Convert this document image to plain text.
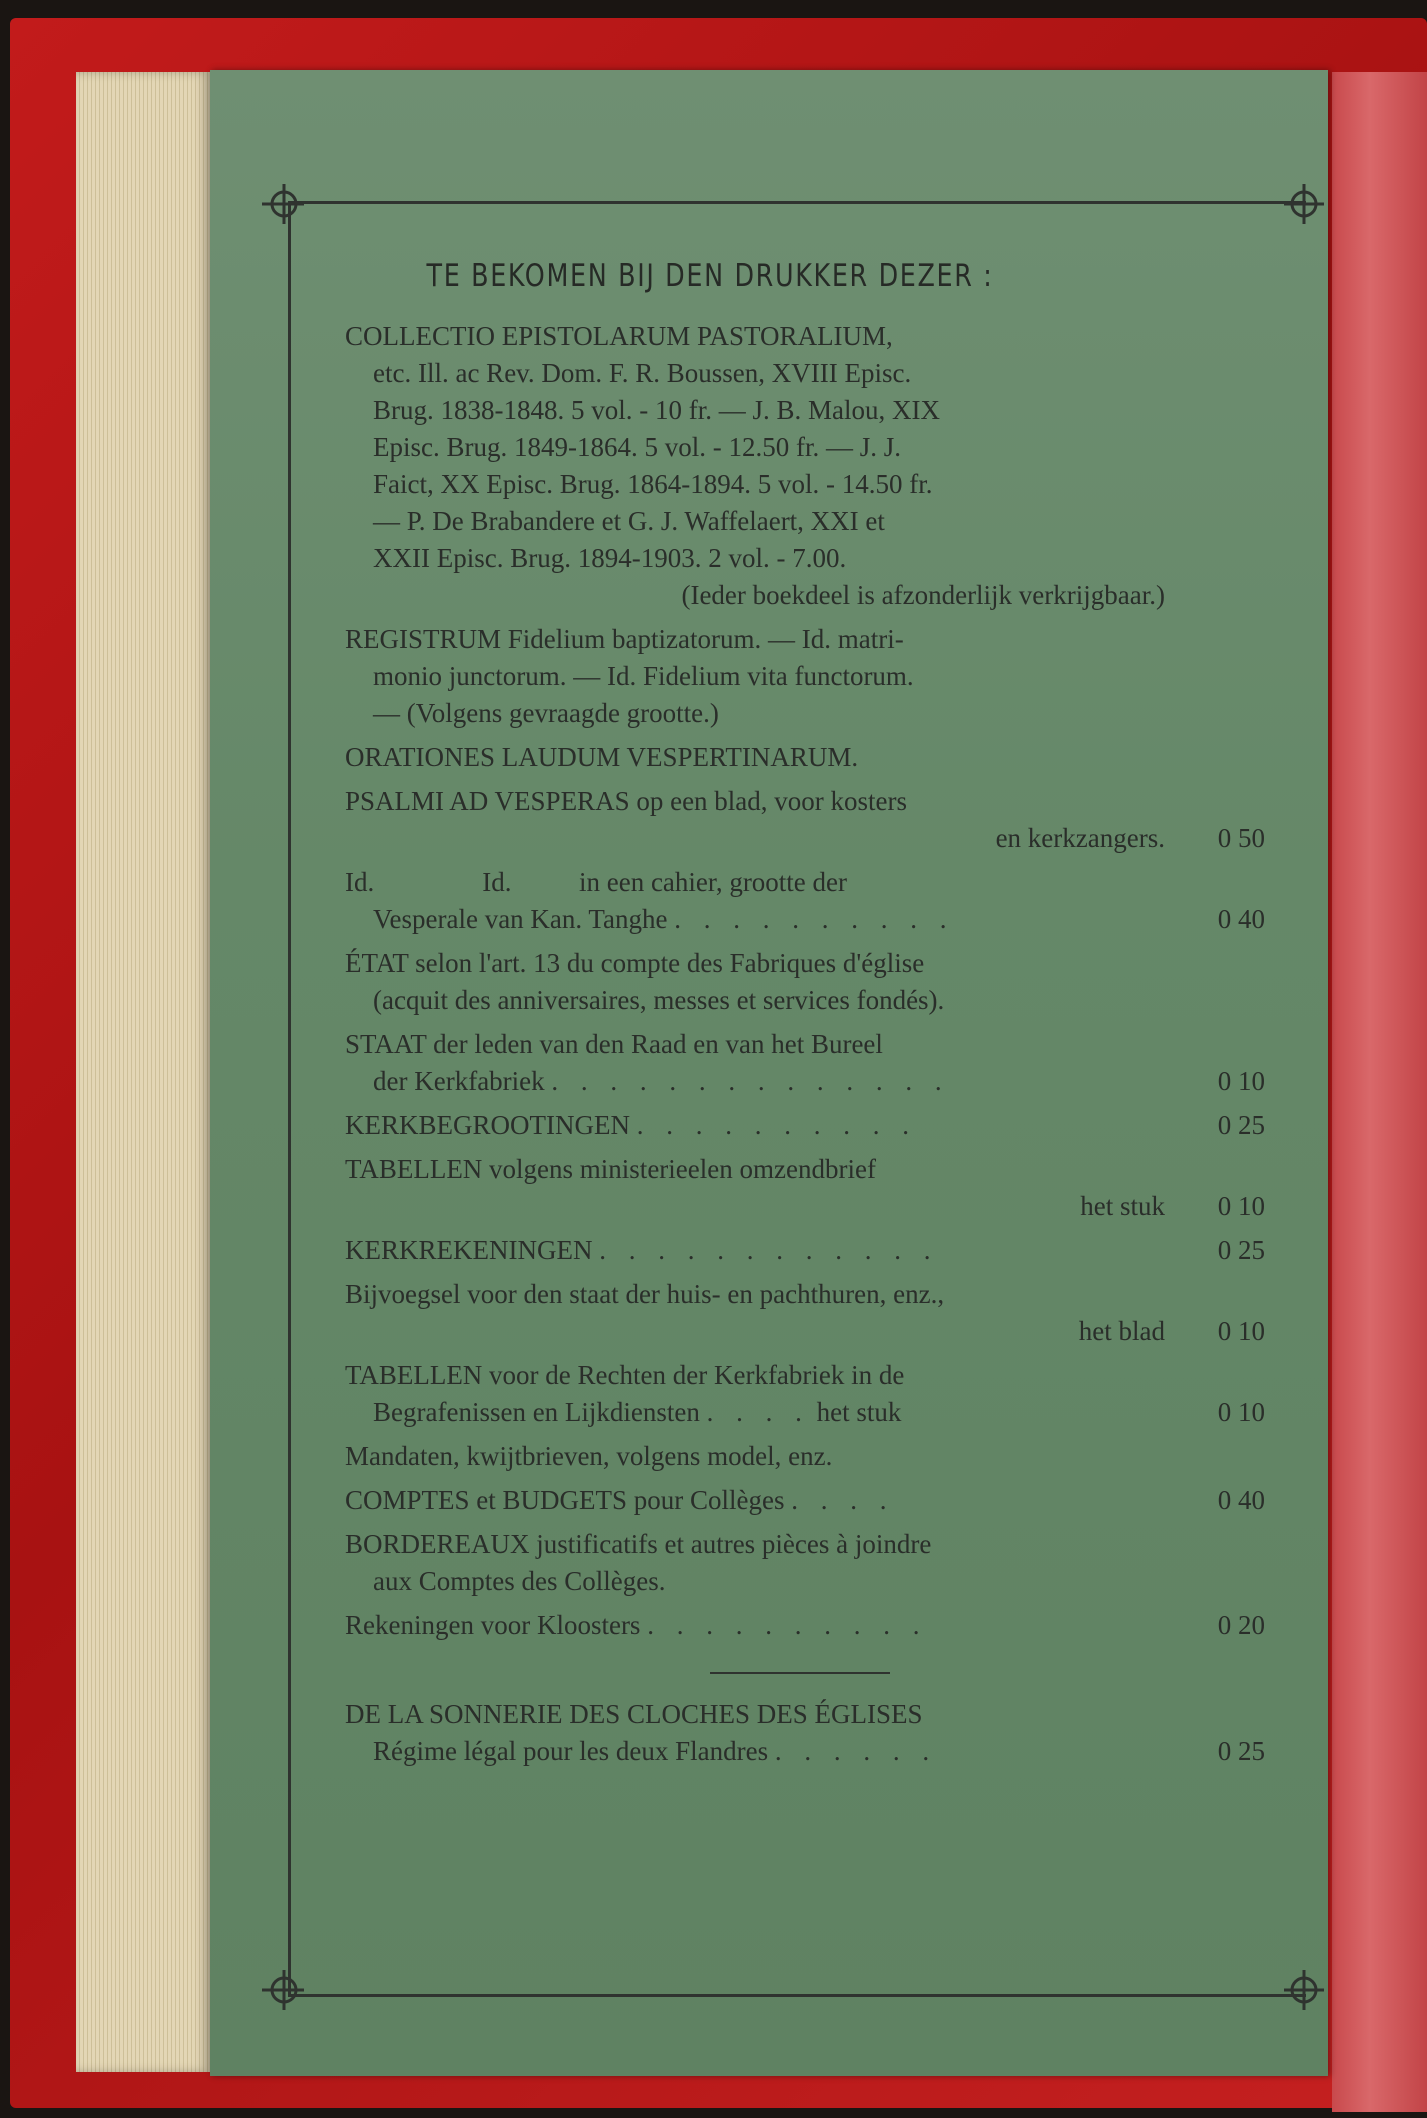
TE BEKOMEN BIJ DEN DRUKKER DEZER :
COLLECTIO EPISTOLARUM PASTORALIUM,
etc. Ill. ac Rev. Dom. F. R. Boussen, XVIII Episc.
Brug. 1838-1848. 5 vol. - 10 fr. — J. B. Malou, XIX
Episc. Brug. 1849-1864. 5 vol. - 12.50 fr. — J. J.
Faict, XX Episc. Brug. 1864-1894. 5 vol. - 14.50 fr.
— P. De Brabandere et G. J. Waffelaert, XXI et
XXII Episc. Brug. 1894-1903. 2 vol. - 7.00.
(Ieder boekdeel is afzonderlijk verkrijgbaar.)
REGISTRUM Fidelium baptizatorum. — Id. matri-
monio junctorum. — Id. Fidelium vita functorum.
— (Volgens gevraagde grootte.)
ORATIONES LAUDUM VESPERTINARUM.
PSALMI AD VESPERAS op een blad, voor kosters

en kerkzangers.	0 50
Id.                Id.          in een cahier, grootte der
Vesperale van Kan. Tanghe . . . . . . . . . .	0 40
ÉTAT selon l'art. 13 du compte des Fabriques d'église
(acquit des anniversaires, messes et services fondés).
STAAT der leden van den Raad en van het Bureel
der Kerkfabriek . . . . . . . . . . . . . .	0 10
KERKBEGROOTINGEN . . . . . . . . . .	0 25
TABELLEN volgens ministerieelen omzendbrief

het stuk	0 10
KERKREKENINGEN . . . . . . . . . . . .	0 25
Bijvoegsel voor den staat der huis- en pachthuren, enz.,

het blad	0 10
TABELLEN voor de Rechten der Kerkfabriek in de
Begrafenissen en Lijkdiensten . . . . het stuk	0 10
Mandaten, kwijtbrieven, volgens model, enz.
COMPTES et BUDGETS pour Collèges . . . .	0 40
BORDEREAUX justificatifs et autres pièces à joindre
aux Comptes des Collèges.
Rekeningen voor Kloosters . . . . . . . . . .	0 20
DE LA SONNERIE DES CLOCHES DES ÉGLISES
Régime légal pour les deux Flandres . . . . . .	0 25
